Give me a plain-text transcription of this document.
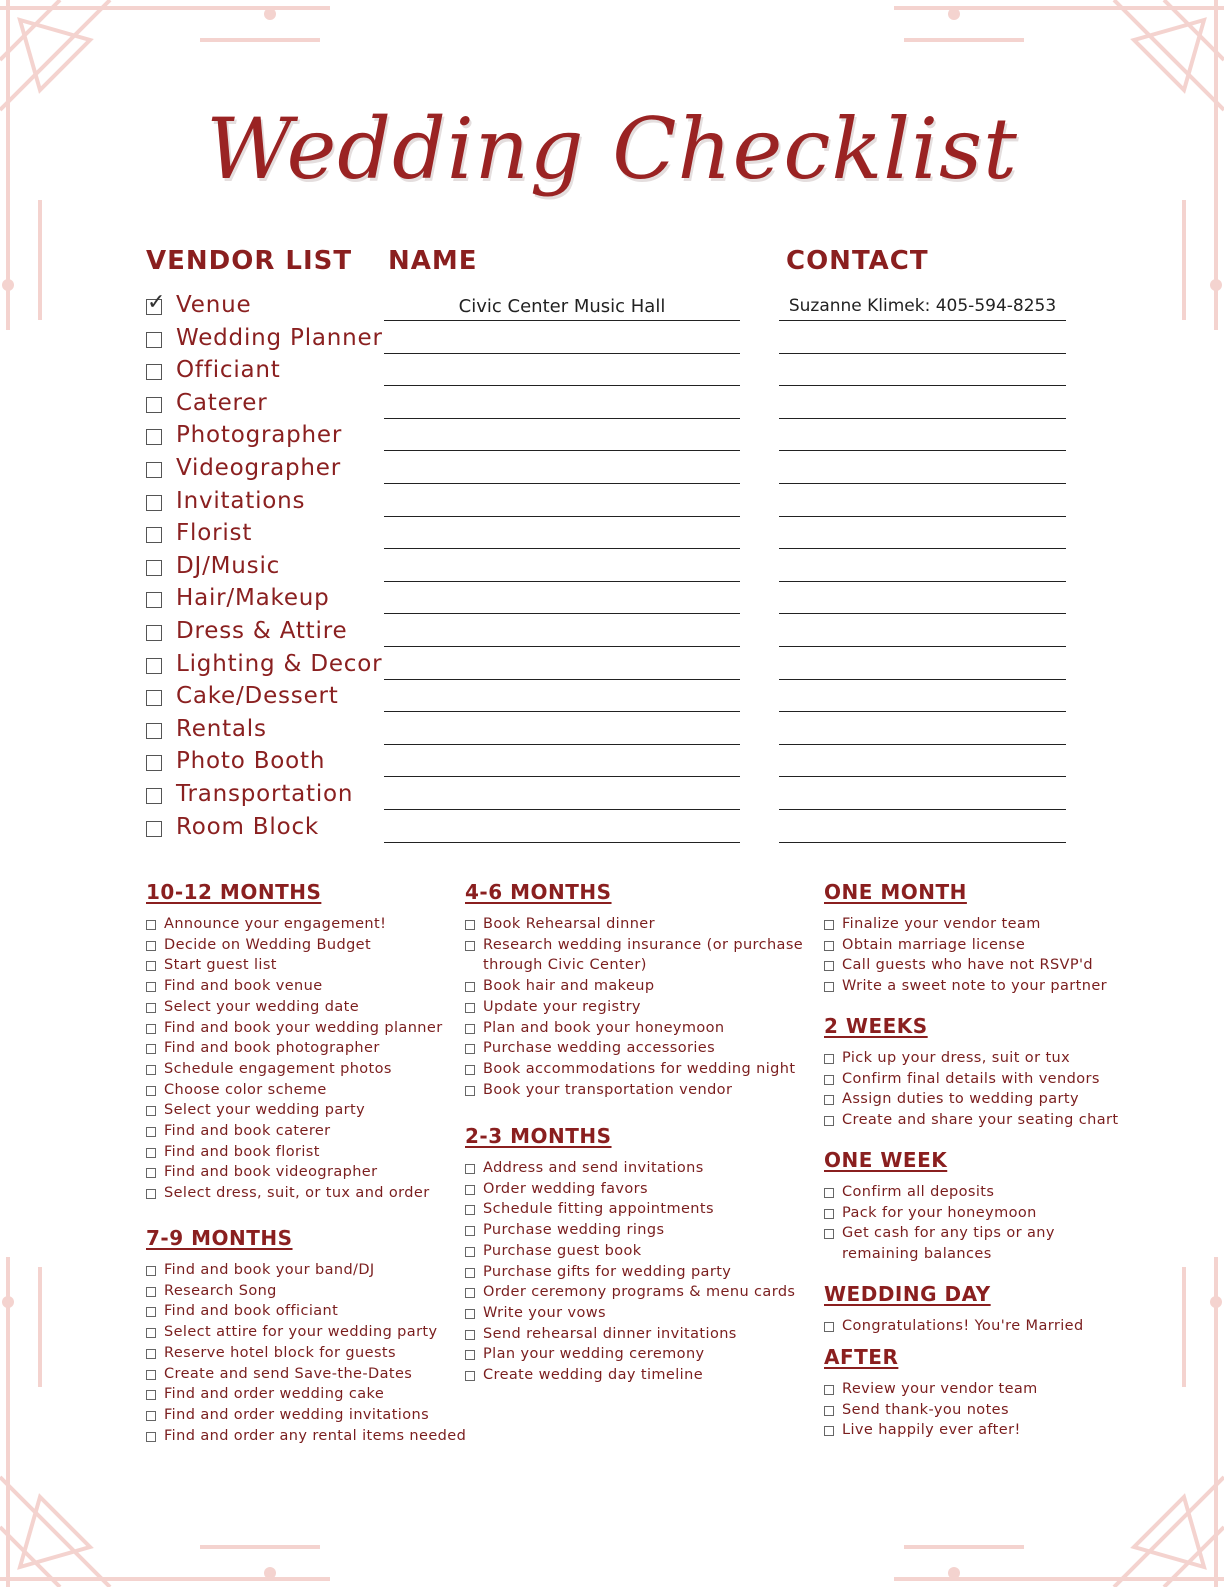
Wedding Checklist
VENDOR LIST NAME	CONTACT
✓ Venue	Civic Center Music Hall	Suzanne Klimek: 405-594-8253
Wedding Planner
Officiant
Caterer
Photographer
Videographer
Invitations
Florist
DJ/Music
Hair/Makeup
Dress & Attire
Lighting & Decor
Cake/Dessert
Rentals
Photo Booth
Transportation
Room Block
10-12 MONTHS
Announce your engagement!
Decide on Wedding Budget
Start guest list
Find and book venue
Select your wedding date
Find and book your wedding planner
Find and book photographer
Schedule engagement photos
Choose color scheme
Select your wedding party
Find and book caterer
Find and book florist
Find and book videographer
Select dress, suit, or tux and order
7-9 MONTHS
Find and book your band/DJ
Research Song
Find and book officiant
Select attire for your wedding party
Reserve hotel block for guests
Create and send Save-the-Dates
Find and order wedding cake
Find and order wedding invitations
Find and order any rental items needed
4-6 MONTHS
Book Rehearsal dinner
Research wedding insurance (or purchase
through Civic Center)
Book hair and makeup
Update your registry
Plan and book your honeymoon
Purchase wedding accessories
Book accommodations for wedding night
Book your transportation vendor
2-3 MONTHS
Address and send invitations
Order wedding favors
Schedule fitting appointments
Purchase wedding rings
Purchase guest book
Purchase gifts for wedding party
Order ceremony programs & menu cards
Write your vows
Send rehearsal dinner invitations
Plan your wedding ceremony
Create wedding day timeline
ONE MONTH
Finalize your vendor team
Obtain marriage license
Call guests who have not RSVP'd
Write a sweet note to your partner
2 WEEKS
Pick up your dress, suit or tux
Confirm final details with vendors
Assign duties to wedding party
Create and share your seating chart
ONE WEEK
Confirm all deposits
Pack for your honeymoon
Get cash for any tips or any
remaining balances
WEDDING DAY
Congratulations! You're Married
AFTER
Review your vendor team
Send thank-you notes
Live happily ever after!
